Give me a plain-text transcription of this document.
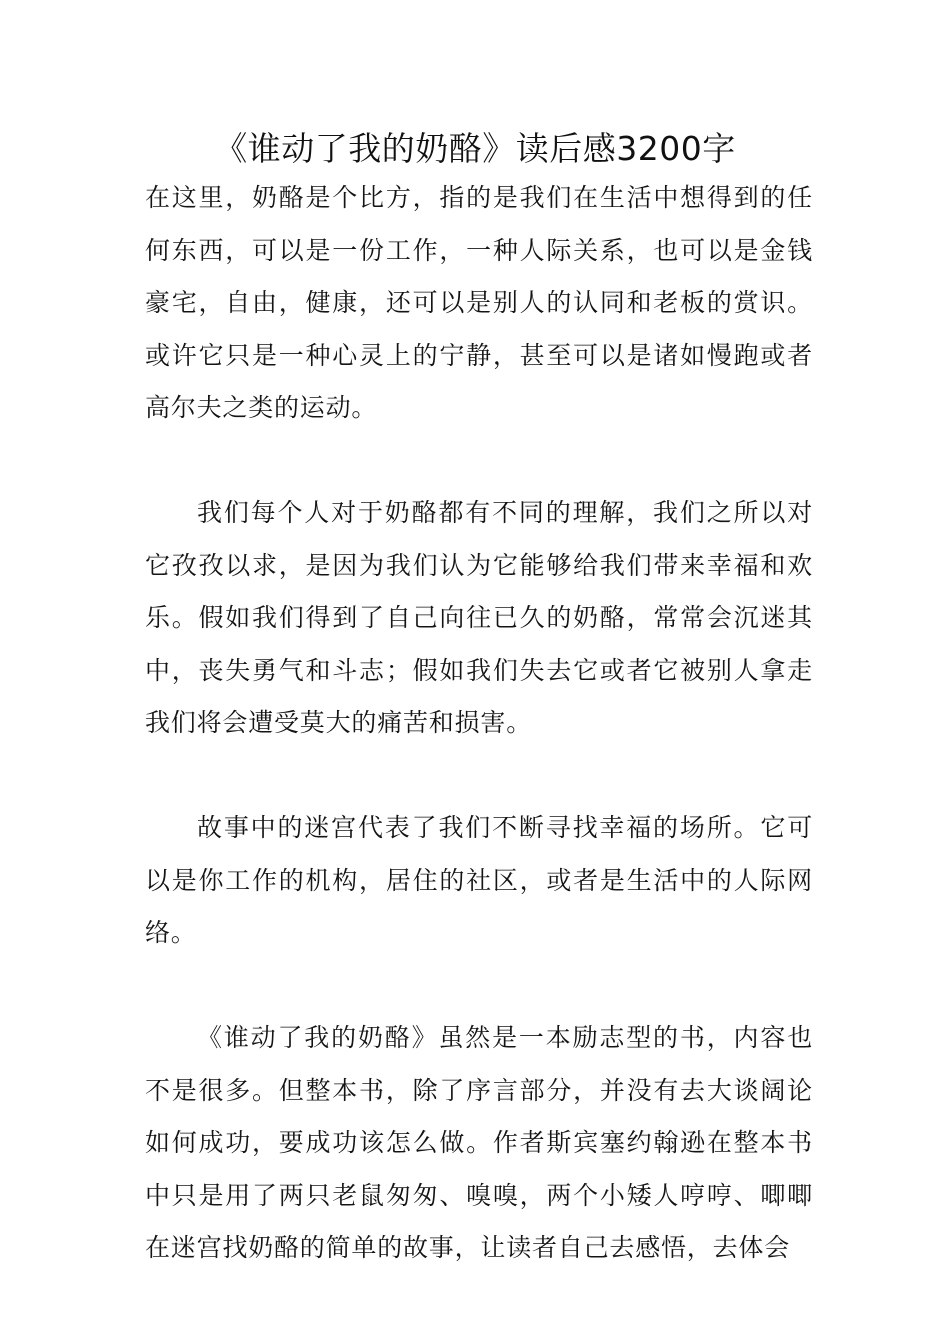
《谁动了我的奶酪》读后感3200字

在这里，奶酪是个比方，指的是我们在生活中想得到的任何东西，可以是一份工作，一种人际关系，也可以是金钱豪宅，自由，健康，还可以是别人的认同和老板的赏识。或许它只是一种心灵上的宁静，甚至可以是诸如慢跑或者高尔夫之类的运动。

我们每个人对于奶酪都有不同的理解，我们之所以对它孜孜以求，是因为我们认为它能够给我们带来幸福和欢乐。假如我们得到了自己向往已久的奶酪，常常会沉迷其中，丧失勇气和斗志；假如我们失去它或者它被别人拿走我们将会遭受莫大的痛苦和损害。

故事中的迷宫代表了我们不断寻找幸福的场所。它可以是你工作的机构，居住的社区，或者是生活中的人际网络。

《谁动了我的奶酪》虽然是一本励志型的书，内容也不是很多。但整本书，除了序言部分，并没有去大谈阔论如何成功，要成功该怎么做。作者斯宾塞约翰逊在整本书中只是用了两只老鼠匆匆、嗅嗅，两个小矮人哼哼、唧唧在迷宫找奶酪的简单的故事，让读者自己去感悟，去体会
